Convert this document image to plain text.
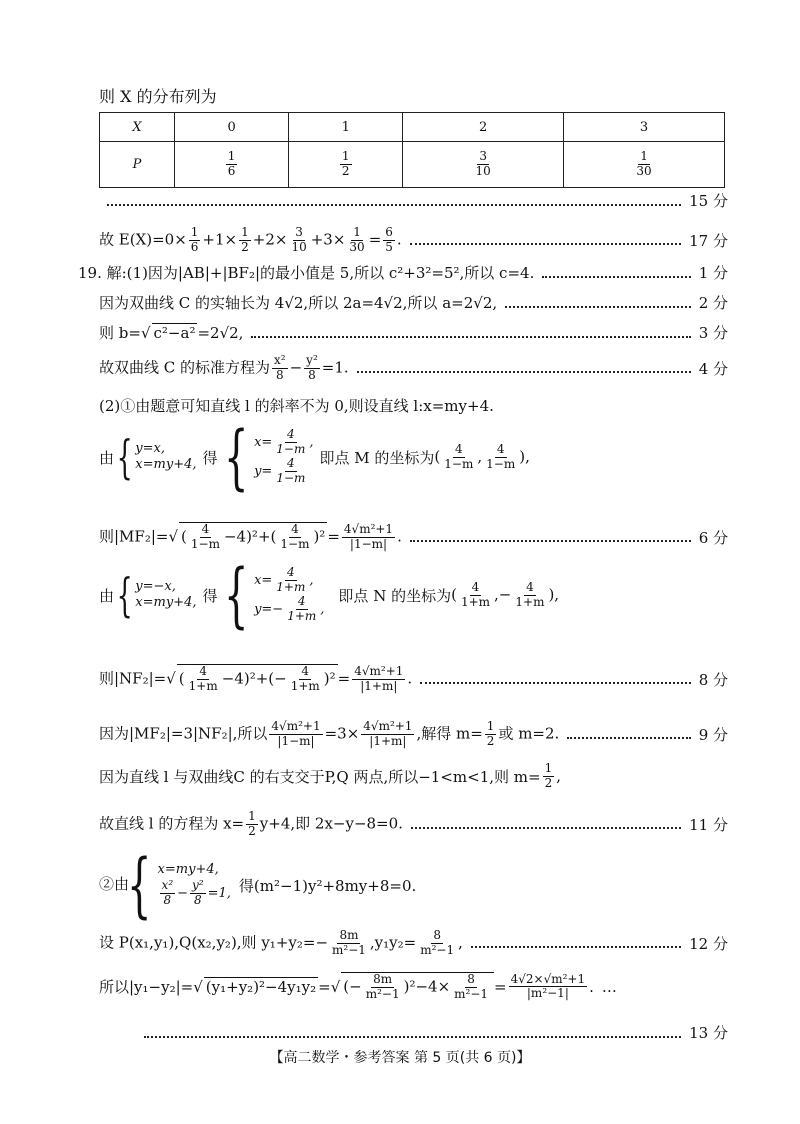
则 X 的分布列为
X	0	1	2	3
P	$\frac{1}{6}$	$\frac{1}{2}$	$\frac{3}{10}$	$\frac{1}{30}$
15 分
故 $E(X)=0\times \frac{1}{6} +1\times \frac{1}{2} +2\times \frac{3}{10} +3\times \frac{1}{30} = \frac{6}{5}$ .	17 分
19. 解:(1)因为|AB|+|BF₂|的最小值是 5,所以 c²+3²=5²,所以 c=4.	1 分
因为双曲线 C 的实轴长为 4√2,所以 2a=4√2,所以 a=2√2,	2 分
则 b=√ c²−a² =2√2,	3 分
故双曲线 C 的标准方程为 $\frac{\text{x²}}{8} - \frac{\text{y²}}{8} =1$.	4 分
(2)①由题意可知直线 l 的斜率不为 0,则设直线 l:x=my+4.
由 { y=x,
x=my+4, 得 { $x= \frac{4}{1-m}$ ,
$y= \frac{4}{1-m}$ 即点 M 的坐标为 ( $\frac{4}{1-m}$ , $\frac{4}{1-m}$ ),
则|MF₂|=√ ( $\frac{4}{1-m} -4)^2+( \frac{4}{1-m} )^2 = \frac{\text{4√m²+1}}{|1-m|}$ .	6 分
由 { y=−x,
x=my+4, 得 { $x= \frac{4}{1+m}$ ,
$y=- \frac{4}{1+m}$ ,
即点 N 的坐标为 ( $\frac{4}{1+m}$ ,− $\frac{4}{1+m}$ ),
则|NF₂|=√ ( $\frac{4}{1+m} -4)^2+(- \frac{4}{1+m} )^2 = \frac{\text{4√m²+1}}{|1+m|}$ .	8 分
因为|MF₂|=3|NF₂|,所以 $\frac{\text{4√m²+1}}{|1-m|} =3\times \frac{\text{4√m²+1}}{|1+m|}$ ,解得 $m= \frac{1}{2}$ 或 m=2.	9 分
因为直线 l 与双曲线C 的右支交于P,Q 两点,所以−1<m<1,则 $m= \frac{1}{2}$ ,
故直线 l 的方程为 $x= \frac{1}{2} y+4$,即 2x−y−8=0.	11 分
{ x=my+4,
$\frac{\text{x²}}{8} - \frac{\text{y²}}{8} =1$, 得(m²−1)y²+8my+8=0.
②由
设 P(x₁,y₁),Q(x₂,y₂),则 $y_1+y_2=- \frac{8m}{\text{m²−1}} ,y_1y_2= \frac{8}{\text{m²−1}}$ ,	12 分
所以|y₁−y₂|= √ (y₁+y₂)²−4y₁y₂ = √ (− $\frac{8m}{\text{m²−1}} )^2-4\times \frac{8}{\text{m²−1}} = \frac{\text{4√2×√m²+1}}{\text{|m²−1|}}$ . …
13 分
【高二数学・参考答案 第 5 页(共 6 页)】
